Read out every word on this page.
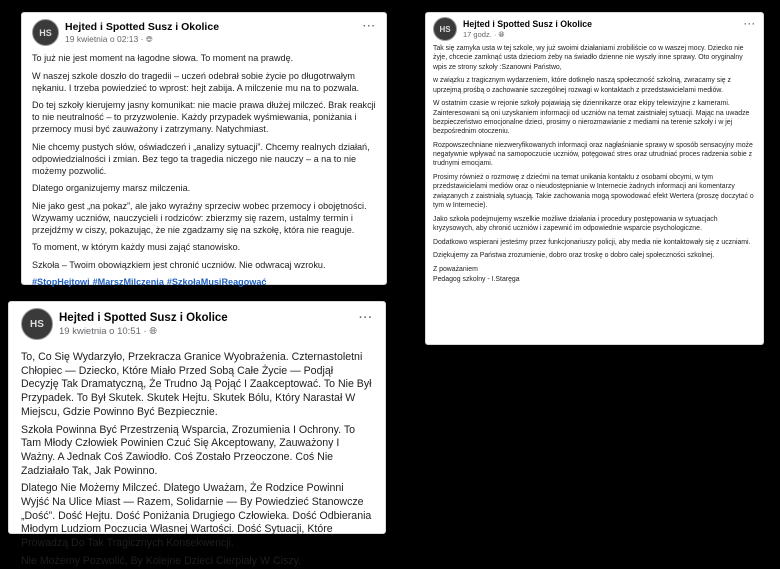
HS Hejted i Spotted Susz i Okolice
19 kwietnia o 02:13 · 🌐︎
···

To już nie jest moment na łagodne słowa. To moment na prawdę.

W naszej szkole doszło do tragedii – uczeń odebrał sobie życie po długotrwałym nękaniu. I trzeba powiedzieć to wprost: hejt zabija. A milczenie mu na to pozwala.

Do tej szkoły kierujemy jasny komunikat: nie macie prawa dłużej milczeć. Brak reakcji to nie neutralność – to przyzwolenie. Każdy przypadek wyśmiewania, poniżania i przemocy musi być zauważony i zatrzymany. Natychmiast.

Nie chcemy pustych słów, oświadczeń i „analizy sytuacji”. Chcemy realnych działań, odpowiedzialności i zmian. Bez tego ta tragedia niczego nie nauczy – a na to nie możemy pozwolić.

Dlatego organizujemy marsz milczenia.

Nie jako gest „na pokaz”, ale jako wyraźny sprzeciw wobec przemocy i obojętności. Wzywamy uczniów, nauczycieli i rodziców: zbierzmy się razem, ustalmy termin i przejdźmy w ciszy, pokazując, że nie zgadzamy się na szkołę, która nie reaguje.

To moment, w którym każdy musi zająć stanowisko.

Szkoła – Twoim obowiązkiem jest chronić uczniów. Nie odwracaj wzroku.

#StopHejtowi #MarszMilczenia #SzkołaMusiReagować
HS
Hejted i Spotted Susz i Okolice
19 kwietnia o 10:51 · 🌐︎
···

To, Co Się Wydarzyło, Przekracza Granice Wyobrażenia. Czternastoletni Chłopiec — Dziecko, Które Miało Przed Sobą Całe Życie — Podjął Decyzję Tak Dramatyczną, Że Trudno Ją Pojąć I Zaakceptować. To Nie Był Przypadek. To Był Skutek. Skutek Hejtu. Skutek Bólu, Który Narastał W Miejscu, Gdzie Powinno Być Bezpiecznie.

Szkoła Powinna Być Przestrzenią Wsparcia, Zrozumienia I Ochrony. To Tam Młody Człowiek Powinien Czuć Się Akceptowany, Zauważony I Ważny. A Jednak Coś Zawiodło. Coś Zostało Przeoczone. Coś Nie Zadziałało Tak, Jak Powinno.

Dlatego Nie Możemy Milczeć. Dlatego Uważam, Że Rodzice Powinni Wyjść Na Ulice Miast — Razem, Solidarnie — By Powiedzieć Stanowcze „Dość”. Dość Hejtu. Dość Poniżania Drugiego Człowieka. Dość Odbierania Młodym Ludziom Poczucia Własnej Wartości. Dość Sytuacji, Które Prowadzą Do Tak Tragicznych Konsekwencji.

Nie Możemy Pozwolić, By Kolejne Dzieci Cierpiały W Ciszy.

HS
Hejted i Spotted Susz i Okolice
17 godz. · 🌐︎
···

Tak się zamyka usta w tej szkole, wy już swoimi działaniami zrobiliście co w waszej mocy. Dziecko nie żyje, chcecie zamknąć usta dzieciom żeby na świadło dzienne nie wyszły inne sprawy. Oto oryginalny wpis ze strony szkoły :Szanowni Państwo,

w związku z tragicznym wydarzeniem, które dotknęło naszą społeczność szkolną, zwracamy się z uprzejmą prośbą o zachowanie szczególnej rozwagi w kontaktach z przedstawicielami mediów.

W ostatnim czasie w rejonie szkoły pojawiają się dziennikarze oraz ekipy telewizyjne z kamerami. Zainteresowani są oni uzyskaniem informacji od uczniów na temat zaistniałej sytuacji. Mając na uwadze bezpieczeństwo emocjonalne dzieci, prosimy o nierozmawianie z mediami na terenie szkoły i w jej bezpośrednim otoczeniu.

Rozpowszechniane niezweryfikowanych informacji oraz nagłaśnianie sprawy w sposób sensacyjny może negatywnie wpływać na samopoczucie uczniów, potęgować stres oraz utrudniać proces radzenia sobie z trudnymi emocjami.

Prosimy również o rozmowę z dziećmi na temat unikania kontaktu z osobami obcymi, w tym przedstawicielami mediów oraz o nieudostępnianie w Internecie żadnych informacji ani komentarzy związanych z zaistniałą sytuacją. Takie zachowania mogą spowodować efekt Wertera (proszę doczytać o tym w Internecie).

Jako szkoła podejmujemy wszelkie możliwe działania i procedury postępowania w sytuacjach kryzysowych, aby chronić uczniów i zapewnić im odpowiednie wsparcie psychologiczne.

Dodatkowo wspierani jesteśmy przez funkcjonariuszy policji, aby media nie kontaktowały się z uczniami.

Dziękujemy za Państwa zrozumienie, dobro oraz troskę o dobro całej społeczności szkolnej.

Z poważaniem

Pedagog szkolny - I.Staręga
